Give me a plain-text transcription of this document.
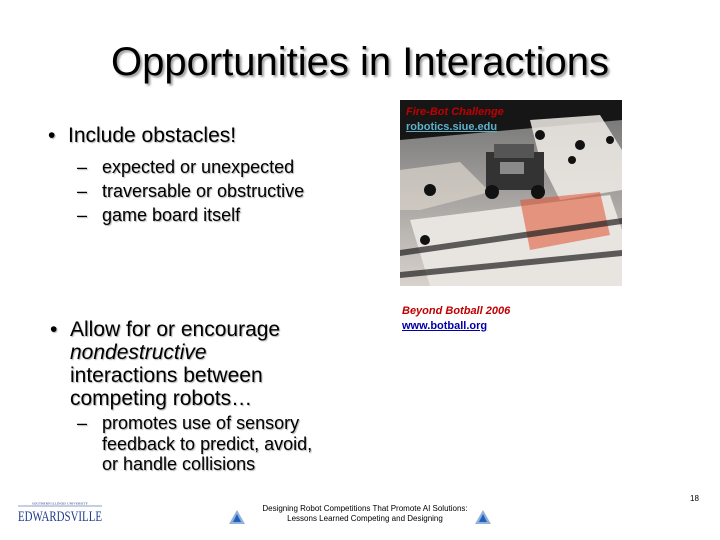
Opportunities in Interactions
• Include obstacles!
– expected or unexpected
– traversable or obstructive
– game board itself
• Allow for or encourage
nondestructive
interactions between
competing robots…
– promotes use of sensory
feedback to predict, avoid,
or handle collisions
Fire-Bot Challenge
robotics.siue.edu
Beyond Botball 2006
www.botball.org
SOUTHERN ILLINOIS UNIVERSITY
EDWARDSVILLE
Designing Robot Competitions That Promote AI Solutions:
Lessons Learned Competing and Designing
18
